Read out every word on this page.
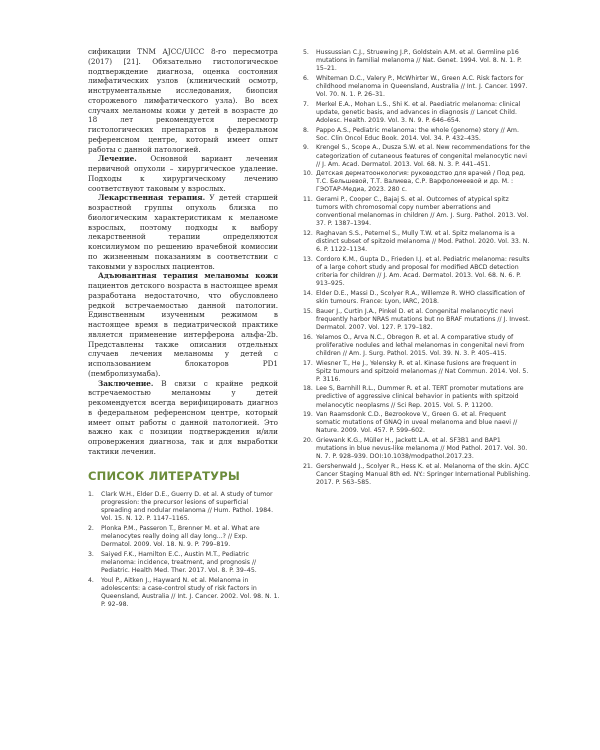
сификации TNM AJCC/UICC 8-го пересмотра (2017) [21]. Обязательно гистологическое подтверждение диагноза, оценка состояния лимфатических узлов (клинический осмотр, инструментальные исследования, биопсия сторожевого лимфатического узла). Во всех случаях меланомы кожи у детей в возрасте до 18 лет рекомендуется пересмотр гистологических препаратов в федеральном референсном центре, который имеет опыт работы с данной патологией.

Лечение. Основной вариант лечения первичной опухоли – хирургическое удаление. Подходы к хирургическому лечению соответствуют таковым у взрослых.

Лекарственная терапия. У детей старшей возрастной группы опухоль близка по биологическим характеристикам к меланоме взрослых, поэтому подходы к выбору лекарственной терапии определяются консилиумом по решению врачебной комиссии по жизненным показаниям в соответствии с таковыми у взрослых пациентов.

Адъювантная терапия меланомы кожи пациентов детского возраста в настоящее время разработана недостаточно, что обусловлено редкой встречаемостью данной патологии. Единственным изученным режимом в настоящее время в педиатрической практике является применение интерферона альфа-2b. Представлены также описания отдельных случаев лечения меланомы у детей с использованием блокаторов PD1 (пембролизумаба).

Заключение. В связи с крайне редкой встречаемостью меланомы у детей рекомендуется всегда верифицировать диагноз в федеральном референсном центре, который имеет опыт работы с данной патологией. Это важно как с позиции подтверждения и/или опровержения диагноза, так и для выработки тактики лечения.

СПИСОК ЛИТЕРАТУРЫ
1. Clark W.H., Elder D.E., Guerry D. et al. A study of tumor progression: the precursor lesions of superficial spreading and nodular melanoma // Hum. Pathol. 1984. Vol. 15. N. 12. P. 1147–1165.
2. Plonka P.M., Passeron T., Brenner M. et al. What are melanocytes really doing all day long...? // Exp. Dermatol. 2009. Vol. 18. N. 9. P. 799–819.
3. Saiyed F.K., Hamilton E.C., Austin M.T., Pediatric melanoma: incidence, treatment, and prognosis // Pediatric. Health Med. Ther. 2017. Vol. 8. P. 39–45.
4. Youl P., Aitken J., Hayward N. et al. Melanoma in adolescents: a case-control study of risk factors in Queensland, Australia // Int. J. Cancer. 2002. Vol. 98. N. 1. P. 92–98.
5. Hussussian C.J., Struewing J.P., Goldstein A.M. et al. Germline p16 mutations in familial melanoma // Nat. Genet. 1994. Vol. 8. N. 1. P. 15–21.
6. Whiteman D.C., Valery P., McWhirter W., Green A.C. Risk factors for childhood melanoma in Queensland, Australia // Int. J. Cancer. 1997. Vol. 70. N. 1. P. 26–31.
7. Merkel E.A., Mohan L.S., Shi K. et al. Paediatric melanoma: clinical update, genetic basis, and advances in diagnosis // Lancet Child. Adolesc. Health. 2019. Vol. 3. N. 9. P. 646–654.
8. Pappo A.S., Pediatric melanoma: the whole (genome) story // Am. Soc. Clin Oncol Educ Book. 2014. Vol. 34. P. 432–435.
9. Krengel S., Scope A., Dusza S.W. et al. New recommendations for the categorization of cutaneous features of congenital melanocytic nevi // J. Am. Acad. Dermatol. 2013. Vol. 68. N. 3. P. 441–451.
10. Детская дерматоонкология: руководство для врачей / Под ред. Т.С. Бельшевой, Т.Т. Валиева, С.Р. Варфоломеевой и др. М. : ГЭОТАР-Медиа, 2023. 280 с.
11. Gerami P., Cooper C., Bajaj S. et al. Outcomes of atypical spitz tumors with chromosomal copy number aberrations and conventional melanomas in children // Am. J. Surg. Pathol. 2013. Vol. 37. P. 1387–1394.
12. Raghavan S.S., Peternel S., Mully T.W. et al. Spitz melanoma is a distinct subset of spitzoid melanoma // Mod. Pathol. 2020. Vol. 33. N. 6. P. 1122–1134.
13. Cordoro K.M., Gupta D., Frieden I.J. et al. Pediatric melanoma: results of a large cohort study and proposal for modified ABCD detection criteria for children // J. Am. Acad. Dermatol. 2013. Vol. 68. N. 6. P. 913–925.
14. Elder D.E., Massi D., Scolyer R.A., Willemze R. WHO classification of skin tumours. France: Lyon, IARC, 2018.
15. Bauer J., Curtin J.A., Pinkel D. et al. Congenital melanocytic nevi frequently harbor NRAS mutations but no BRAF mutations // J. Invest. Dermatol. 2007. Vol. 127. P. 179–182.
16. Yelamos O., Arva N.C., Obregon R. et al. A comparative study of proliferative nodules and lethal melanomas in congenital nevi from children // Am. J. Surg. Pathol. 2015. Vol. 39. N. 3. P. 405–415.
17. Wiesner T., He J., Yelensky R. et al. Kinase fusions are frequent in Spitz tumours and spitzoid melanomas // Nat Commun. 2014. Vol. 5. P. 3116.
18. Lee S, Barnhill R.L., Dummer R. et al. TERT promoter mutations are predictive of aggressive clinical behavior in patients with spitzoid melanocytic neoplasms // Sci Rep. 2015. Vol. 5. P. 11200.
19. Van Raamsdonk C.D., Bezrookove V., Green G. et al. Frequent somatic mutations of GNAQ in uveal melanoma and blue naevi // Nature. 2009. Vol. 457. P. 599–602.
20. Griewank K.G., Müller H., Jackett L.A. et al. SF3B1 and BAP1 mutations in blue nevus-like melanoma // Mod Pathol. 2017. Vol. 30. N. 7. P. 928–939. DOI:10.1038/modpathol.2017.23.
21. Gershenwald J., Scolyer R., Hess K. et al. Melanoma of the skin. AJCC Cancer Staging Manual 8th ed. NY.: Springer International Publishing. 2017. P. 563–585.
